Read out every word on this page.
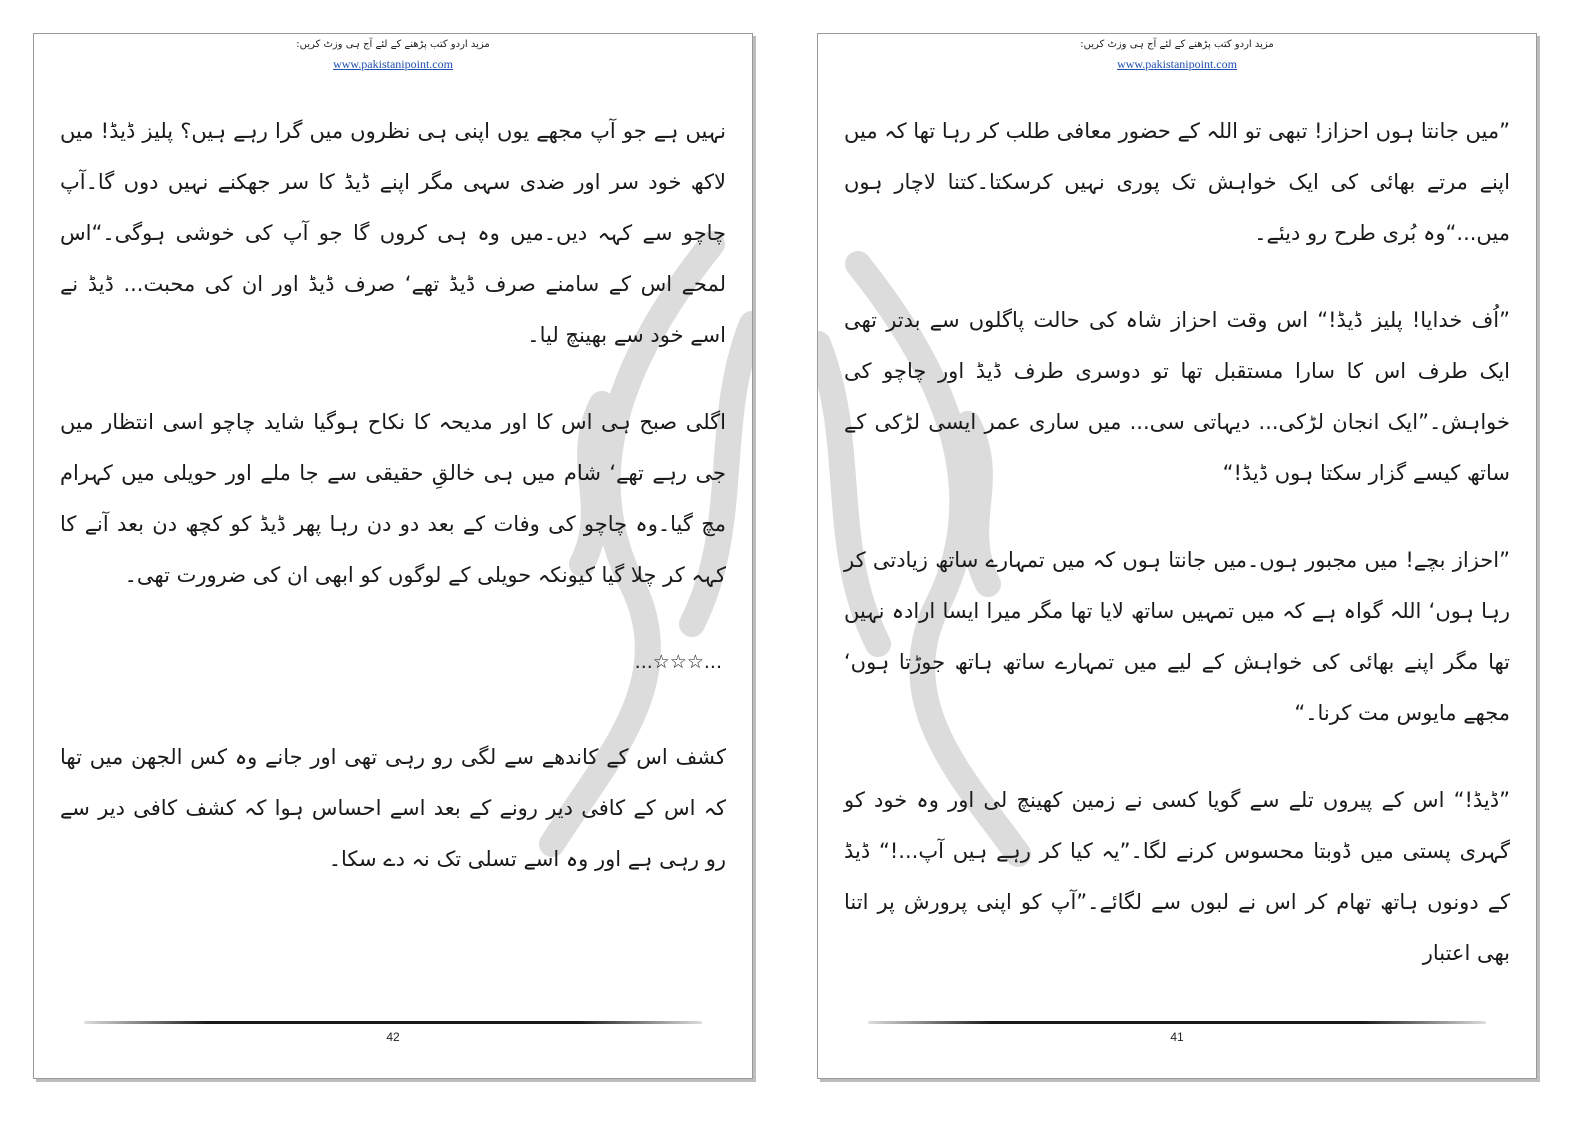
مزید اردو کتب پڑھنے کے لئے آج ہی وزٹ کریں:
www.pakistanipoint.com

نہیں ہے جو آپ مجھے یوں اپنی ہی نظروں میں گرا رہے ہیں؟ پلیز ڈیڈ! میں لاکھ خود سر اور ضدی سہی مگر اپنے ڈیڈ کا سر جھکنے نہیں دوں گا۔آپ چاچو سے کہہ دیں۔میں وہ ہی کروں گا جو آپ کی خوشی ہوگی۔“اس لمحے اس کے سامنے صرف ڈیڈ تھے‘ صرف ڈیڈ اور ان کی محبت... ڈیڈ نے اسے خود سے بھینچ لیا۔

اگلی صبح ہی اس کا اور مدیحہ کا نکاح ہوگیا شاید چاچو اسی انتظار میں جی رہے تھے‘ شام میں ہی خالقِ حقیقی سے جا ملے اور حویلی میں کہرام مچ گیا۔وہ چاچو کی وفات کے بعد دو دن رہا پھر ڈیڈ کو کچھ دن بعد آنے کا کہہ کر چلا گیا کیونکہ حویلی کے لوگوں کو ابھی ان کی ضرورت تھی۔

...☆☆☆...

کشف اس کے کاندھے سے لگی رو رہی تھی اور جانے وہ کس الجھن میں تھا کہ اس کے کافی دیر رونے کے بعد اسے احساس ہوا کہ کشف کافی دیر سے رو رہی ہے اور وہ اسے تسلی تک نہ دے سکا۔

42
مزید اردو کتب پڑھنے کے لئے آج ہی وزٹ کریں:
www.pakistanipoint.com

”میں جانتا ہوں احزاز! تبھی تو اللہ کے حضور معافی طلب کر رہا تھا کہ میں اپنے مرتے بھائی کی ایک خواہش تک پوری نہیں کرسکتا۔کتنا لاچار ہوں میں...“وہ بُری طرح رو دیئے۔

”اُف خدایا! پلیز ڈیڈ!“ اس وقت احزاز شاہ کی حالت پاگلوں سے بدتر تھی ایک طرف اس کا سارا مستقبل تھا تو دوسری طرف ڈیڈ اور چاچو کی خواہش۔”ایک انجان لڑکی... دیہاتی سی... میں ساری عمر ایسی لڑکی کے ساتھ کیسے گزار سکتا ہوں ڈیڈ!“

”احزاز بچے! میں مجبور ہوں۔میں جانتا ہوں کہ میں تمہارے ساتھ زیادتی کر رہا ہوں‘ اللہ گواہ ہے کہ میں تمہیں ساتھ لایا تھا مگر میرا ایسا ارادہ نہیں تھا مگر اپنے بھائی کی خواہش کے لیے میں تمہارے ساتھ ہاتھ جوڑتا ہوں‘ مجھے مایوس مت کرنا۔“

”ڈیڈ!“ اس کے پیروں تلے سے گویا کسی نے زمین کھینچ لی اور وہ خود کو گہری پستی میں ڈوبتا محسوس کرنے لگا۔”یہ کیا کر رہے ہیں آپ...!“ ڈیڈ کے دونوں ہاتھ تھام کر اس نے لبوں سے لگائے۔”آپ کو اپنی پرورش پر اتنا بھی اعتبار

41
